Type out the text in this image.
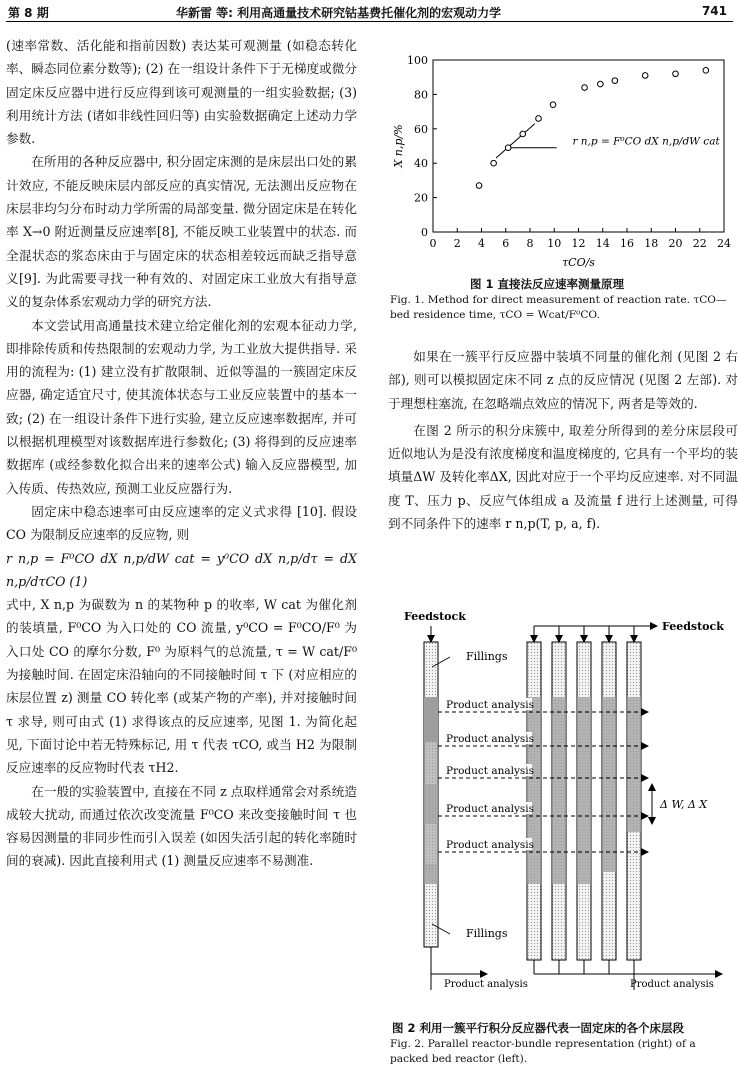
第 8 期	华新雷 等: 利用高通量技术研究钴基费托催化剂的宏观动力学	741

(速率常数、活化能和指前因数) 表达某可观测量 (如稳态转化率、瞬态同位素分数等); (2) 在一组设计条件下于无梯度或微分固定床反应器中进行反应得到该可观测量的一组实验数据; (3) 利用统计方法 (诸如非线性回归等) 由实验数据确定上述动力学参数.

在所用的各种反应器中, 积分固定床测的是床层出口处的累计效应, 不能反映床层内部反应的真实情况, 无法测出反应物在床层非均匀分布时动力学所需的局部变量. 微分固定床是在转化率 X→0 附近测量反应速率[8], 不能反映工业装置中的状态. 而全混状态的浆态床由于与固定床的状态相差较远而缺乏指导意义[9]. 为此需要寻找一种有效的、对固定床工业放大有指导意义的复杂体系宏观动力学的研究方法.

本文尝试用高通量技术建立给定催化剂的宏观本征动力学, 即排除传质和传热限制的宏观动力学, 为工业放大提供指导. 采用的流程为: (1) 建立没有扩散限制、近似等温的一簇固定床反应器, 确定适宜尺寸, 使其流体状态与工业反应装置中的基本一致; (2) 在一组设计条件下进行实验, 建立反应速率数据库, 并可以根据机理模型对该数据库进行参数化; (3) 将得到的反应速率数据库 (或经参数化拟合出来的速率公式) 输入反应器模型, 加入传质、传热效应, 预测工业反应器行为.

固定床中稳态速率可由反应速率的定义式求得 [10]. 假设 CO 为限制反应速率的反应物, 则

r n,p = F⁰CO dX n,p/dW cat = y⁰CO dX n,p/dτ = dX n,p/dτCO (1)

式中, X n,p 为碳数为 n 的某物种 p 的收率, W cat 为催化剂的装填量, F⁰CO 为入口处的 CO 流量, y⁰CO = F⁰CO/F⁰ 为入口处 CO 的摩尔分数, F⁰ 为原料气的总流量, τ = W cat/F⁰ 为接触时间. 在固定床沿轴向的不同接触时间 τ 下 (对应相应的床层位置 z) 测量 CO 转化率 (或某产物的产率), 并对接触时间 τ 求导, 则可由式 (1) 求得该点的反应速率, 见图 1. 为简化起见, 下面讨论中若无特殊标记, 用 τ 代表 τCO, 或当 H2 为限制反应速率的反应物时代表 τH2.

在一般的实验装置中, 直接在不同 z 点取样通常会对系统造成较大扰动, 而通过依次改变流量 F⁰CO 来改变接触时间 τ 也容易因测量的非同步性而引入误差 (如因失活引起的转化率随时间的衰减). 因此直接利用式 (1) 测量反应速率不易测准.

0 2 4 6 8 10 12 14 16 18 20 22 24
0
20
40
60
80
100
τCO/s
X n,p/%	r n,p = F⁰CO dX n,p/dW cat
图 1 直接法反应速率测量原理
Fig. 1. Method for direct measurement of reaction rate. τCO—bed residence time, τCO = Wcat/F⁰CO.

如果在一簇平行反应器中装填不同量的催化剂 (见图 2 右部), 则可以模拟固定床不同 z 点的反应情况 (见图 2 左部). 对于理想柱塞流, 在忽略端点效应的情况下, 两者是等效的.

在图 2 所示的积分床簇中, 取差分所得到的差分床层段可近似地认为是没有浓度梯度和温度梯度的, 它具有一个平均的装填量ΔW 及转化率ΔX, 因此对应于一个平均反应速率. 对不同温度 T、压力 p、反应气体组成 a 及流量 f 进行上述测量, 可得到不同条件下的速率 r n,p(T, p, a, f).

Product analysis
Product analysis
Product analysis
Product analysis
Product analysis
Feedstock
Feedstock
Fillings
Fillings
Product analysis	Product analysis
Δ W, Δ X
图 2 利用一簇平行积分反应器代表一固定床的各个床层段
Fig. 2. Parallel reactor-bundle representation (right) of a packed bed reactor (left).
